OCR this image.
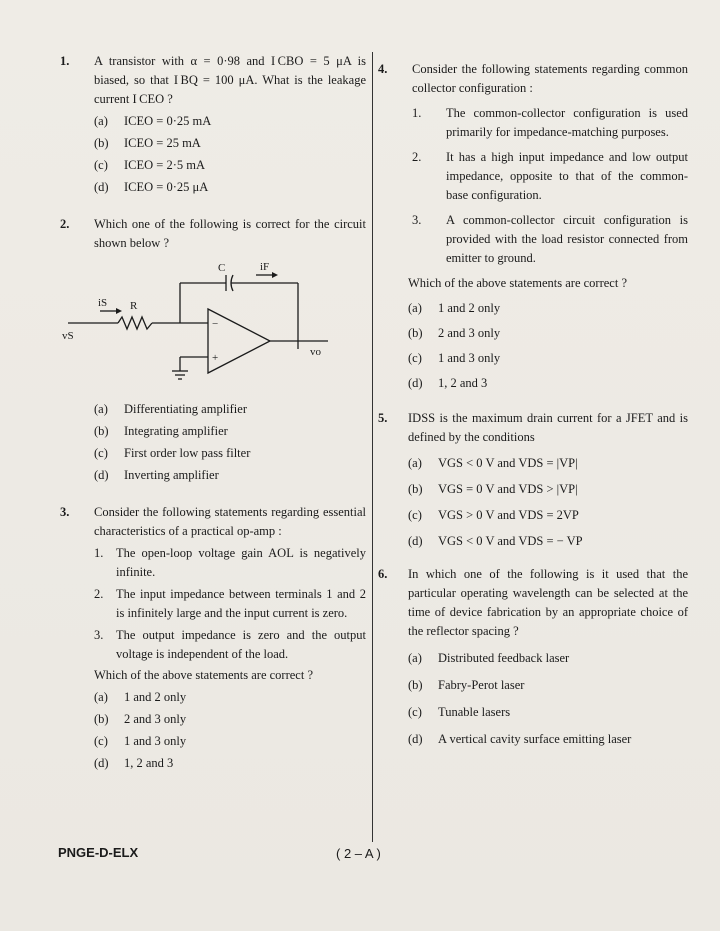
1. A transistor with α = 0·98 and I CBO = 5 μA is biased, so that I BQ = 100 μA. What is the leakage current I CEO ?
(a)	ICEO = 0·25 mA
(b)	ICEO = 25 mA
(c)	ICEO = 2·5 mA
(d)	ICEO = 0·25 μA
2. Which one of the following is correct for the circuit shown below ?
C	iF
iS R
vS
vo
−
+
(a)	Differentiating amplifier
(b)	Integrating amplifier
(c)	First order low pass filter
(d)	Inverting amplifier
3. Consider the following statements regarding essential characteristics of a practical op-amp :
1.	The open-loop voltage gain AOL is negatively infinite.
2.	The input impedance between terminals 1 and 2 is infinitely large and the input current is zero.
3.	The output impedance is zero and the output voltage is independent of the load.
Which of the above statements are correct ?
(a)	1 and 2 only
(b)	2 and 3 only
(c)	1 and 3 only
(d)	1, 2 and 3
4. Consider the following statements regarding common collector configuration :
1.	The common-collector configuration is used primarily for impedance-matching purposes.
2.	It has a high input impedance and low output impedance, opposite to that of the common-base configuration.
3.	A common-collector circuit configuration is provided with the load resistor connected from emitter to ground.
Which of the above statements are correct ?
(a)	1 and 2 only
(b)	2 and 3 only
(c)	1 and 3 only
(d)	1, 2 and 3
5. IDSS is the maximum drain current for a JFET and is defined by the conditions
(a)	VGS < 0 V and VDS = |VP|
(b)	VGS = 0 V and VDS > |VP|
(c)	VGS > 0 V and VDS = 2VP
(d)	VGS < 0 V and VDS = − VP
6. In which one of the following is it used that the particular operating wavelength can be selected at the time of device fabrication by an appropriate choice of the reflector spacing ?
(a)	Distributed feedback laser
(b)	Fabry-Perot laser
(c)	Tunable lasers
(d)	A vertical cavity surface emitting laser
PNGE-D-ELX	( 2 – A )
